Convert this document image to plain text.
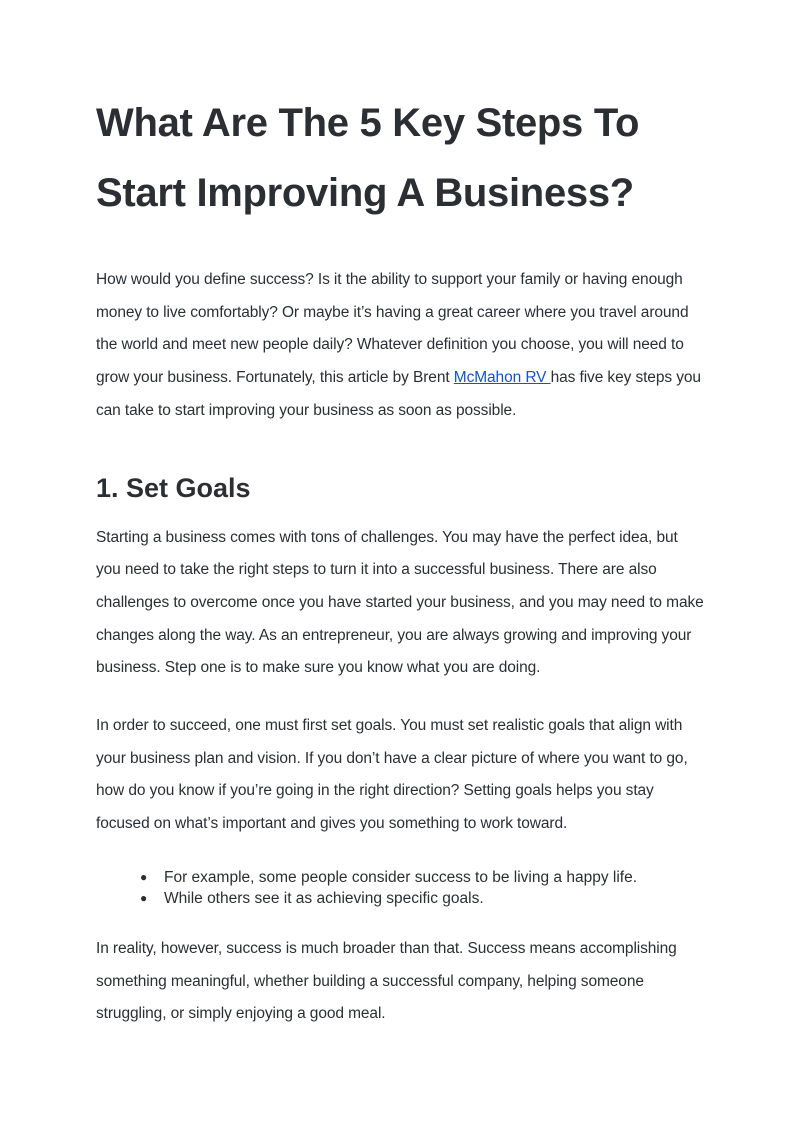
What Are The 5 Key Steps To Start Improving A Business?

How would you define success? Is it the ability to support your family or having enough money to live comfortably? Or maybe it’s having a great career where you travel around the world and meet new people daily? Whatever definition you choose, you will need to grow your business. Fortunately, this article by Brent McMahon RV has five key steps you can take to start improving your business as soon as possible.

1. Set Goals

Starting a business comes with tons of challenges. You may have the perfect idea, but you need to take the right steps to turn it into a successful business. There are also challenges to overcome once you have started your business, and you may need to make changes along the way. As an entrepreneur, you are always growing and improving your business. Step one is to make sure you know what you are doing.

In order to succeed, one must first set goals. You must set realistic goals that align with your business plan and vision. If you don’t have a clear picture of where you want to go, how do you know if you’re going in the right direction? Setting goals helps you stay focused on what’s important and gives you something to work toward.

● For example, some people consider success to be living a happy life.
● While others see it as achieving specific goals.

In reality, however, success is much broader than that. Success means accomplishing something meaningful, whether building a successful company, helping someone struggling, or simply enjoying a good meal.
